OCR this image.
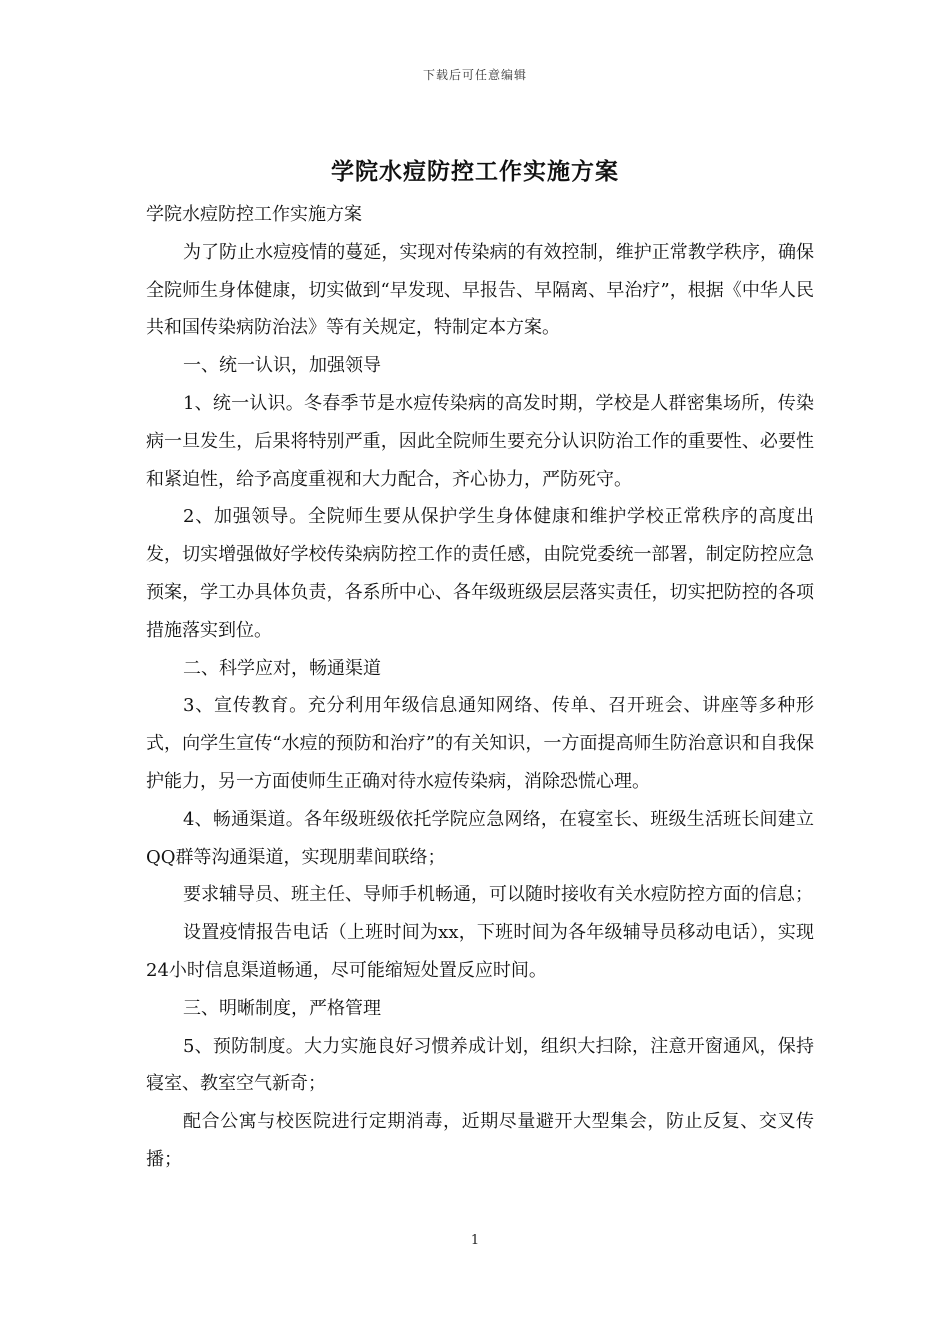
下载后可任意编辑
学院水痘防控工作实施方案

学院水痘防控工作实施方案

为了防止水痘疫情的蔓延，实现对传染病的有效控制，维护正常教学秩序，确保全院师生身体健康，切实做到“早发现、早报告、早隔离、早治疗”，根据《中华人民共和国传染病防治法》等有关规定，特制定本方案。

一、统一认识，加强领导

1、统一认识。冬春季节是水痘传染病的高发时期，学校是人群密集场所，传染病一旦发生，后果将特别严重，因此全院师生要充分认识防治工作的重要性、必要性和紧迫性，给予高度重视和大力配合，齐心协力，严防死守。

2、加强领导。全院师生要从保护学生身体健康和维护学校正常秩序的高度出发，切实增强做好学校传染病防控工作的责任感，由院党委统一部署，制定防控应急预案，学工办具体负责，各系所中心、各年级班级层层落实责任，切实把防控的各项措施落实到位。

二、科学应对，畅通渠道

3、宣传教育。充分利用年级信息通知网络、传单、召开班会、讲座等多种形式，向学生宣传“水痘的预防和治疗”的有关知识，一方面提高师生防治意识和自我保护能力，另一方面使师生正确对待水痘传染病，消除恐慌心理。

4、畅通渠道。各年级班级依托学院应急网络，在寝室长、班级生活班长间建立QQ群等沟通渠道，实现朋辈间联络；

要求辅导员、班主任、导师手机畅通，可以随时接收有关水痘防控方面的信息；

设置疫情报告电话（上班时间为xx，下班时间为各年级辅导员移动电话），实现24小时信息渠道畅通，尽可能缩短处置反应时间。

三、明晰制度，严格管理

5、预防制度。大力实施良好习惯养成计划，组织大扫除，注意开窗通风，保持寝室、教室空气新奇；

配合公寓与校医院进行定期消毒，近期尽量避开大型集会，防止反复、交叉传播；

1
